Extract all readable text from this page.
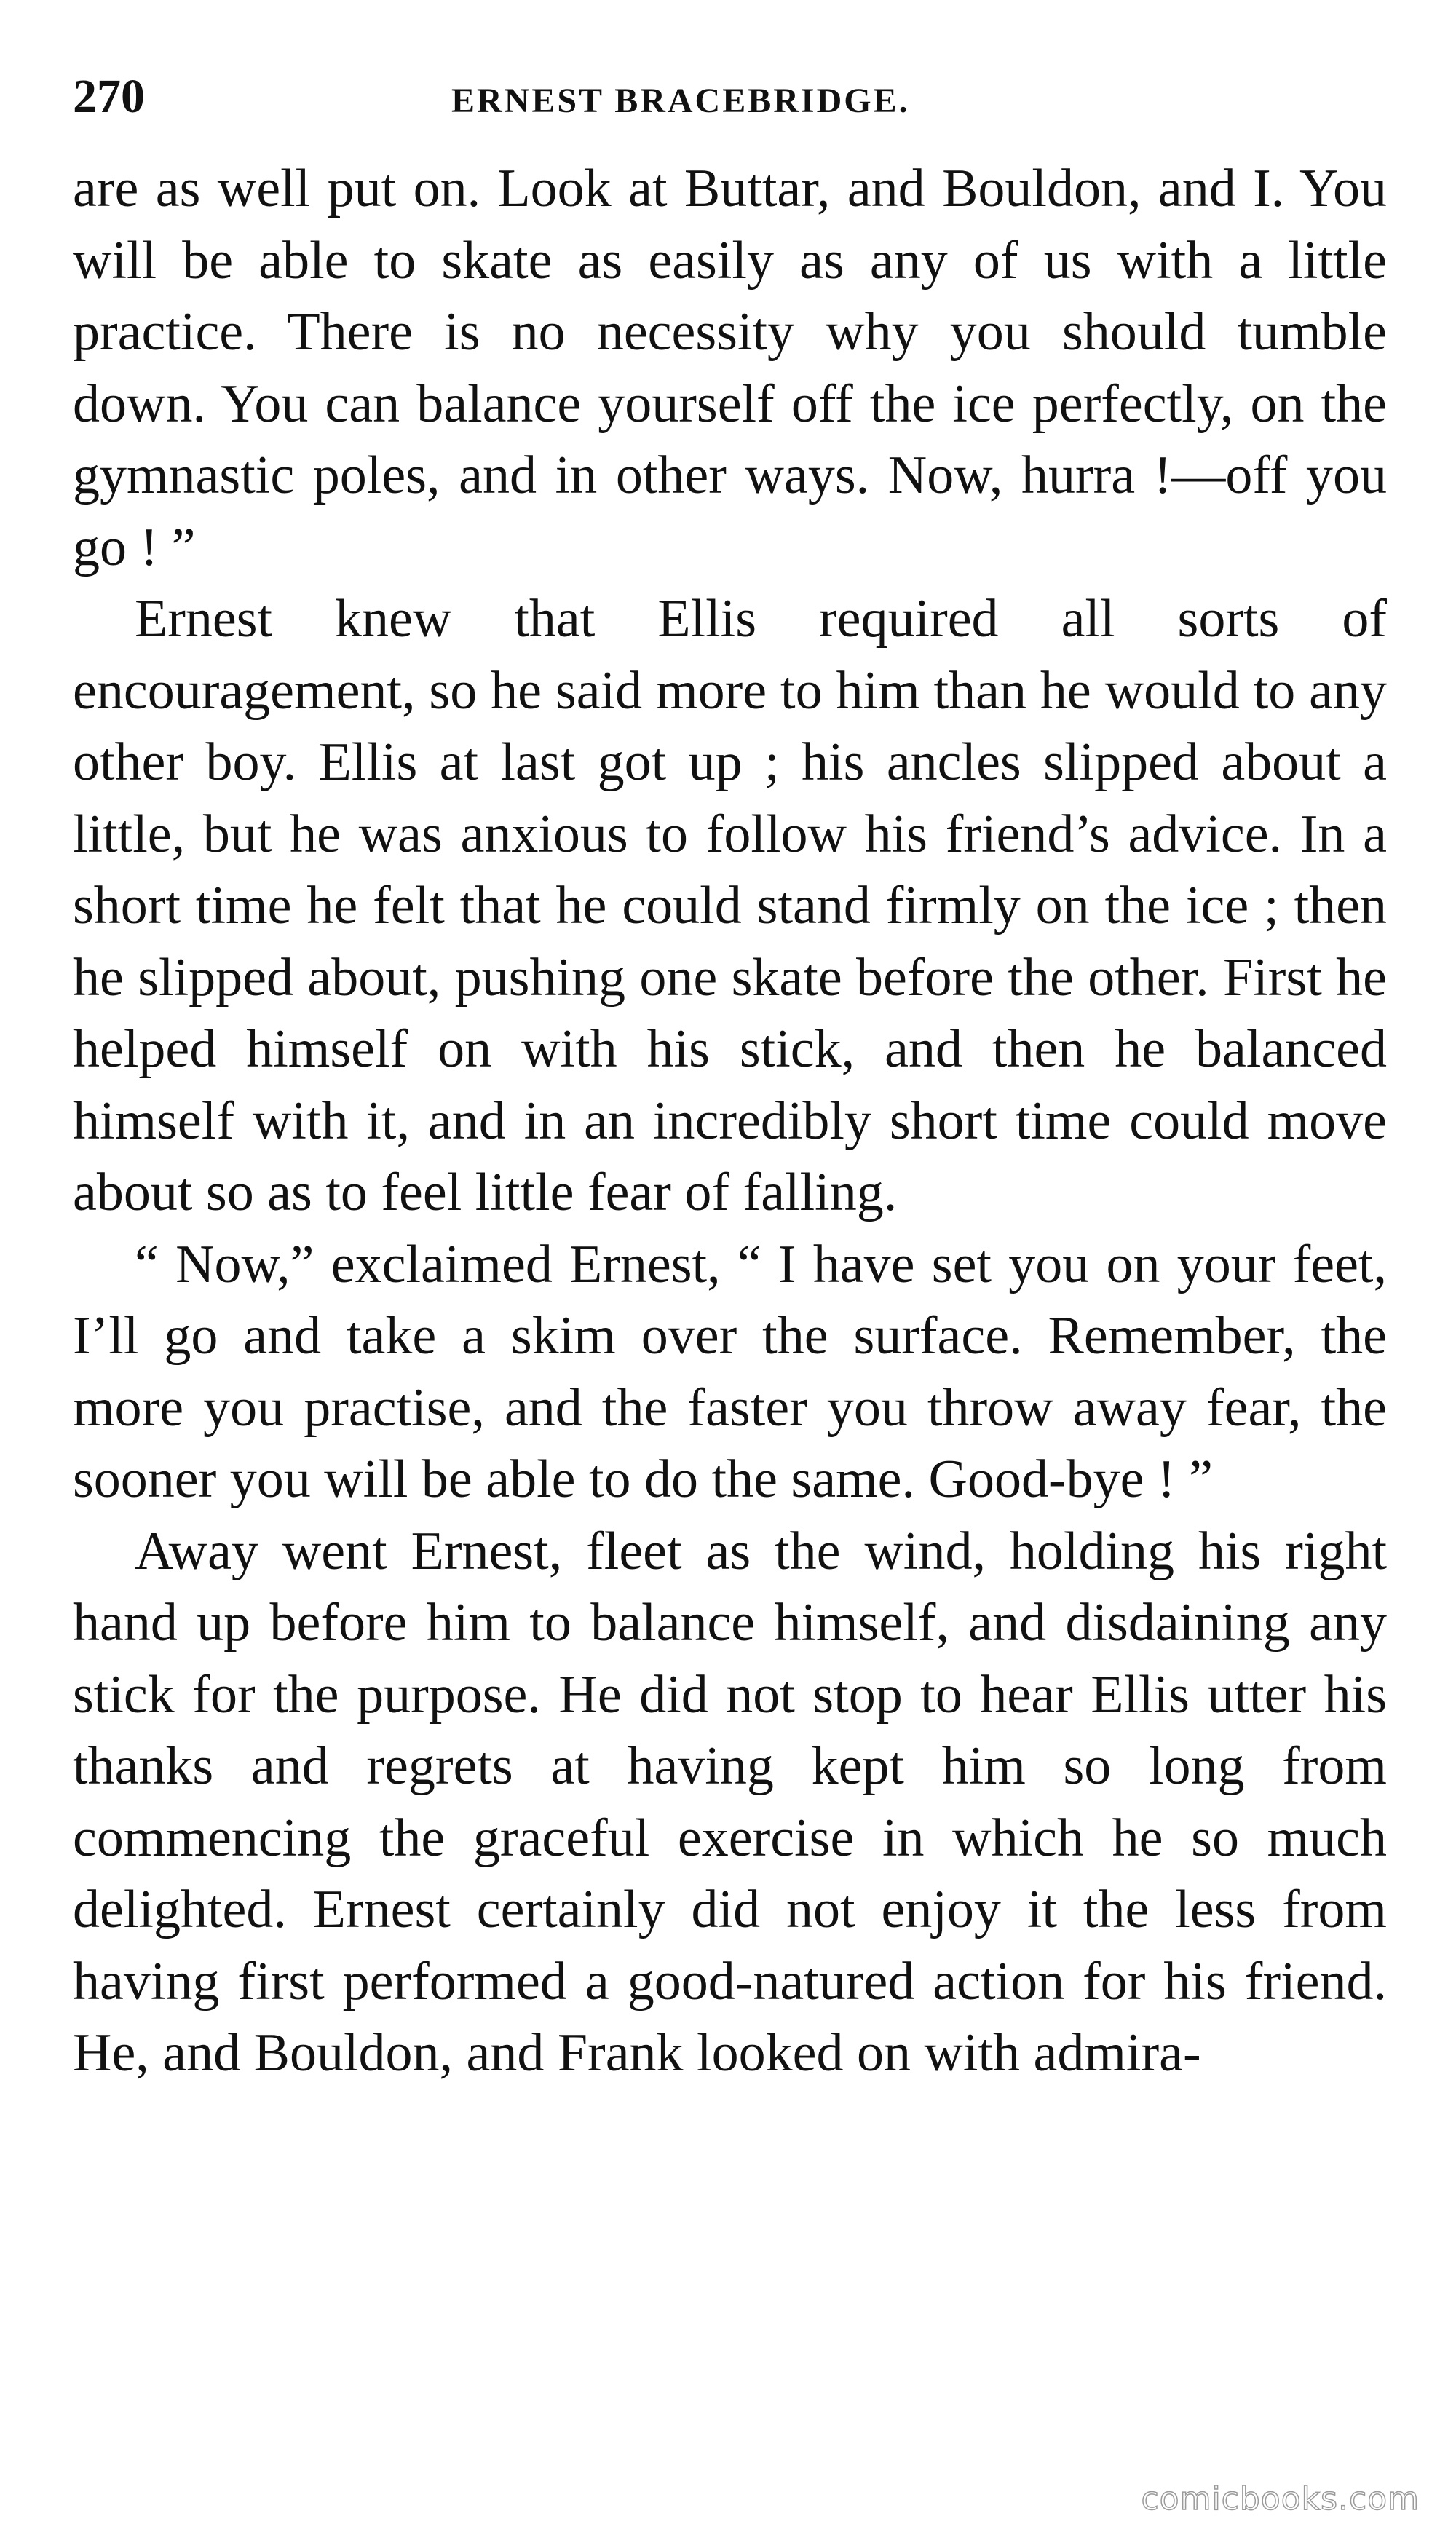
270	ERNEST BRACEBRIDGE.

are as well put on. Look at Buttar, and Bouldon, and I. You will be able to skate as easily as any of us with a little practice. There is no necessity why you should tumble down. You can balance yourself off the ice perfectly, on the gymnastic poles, and in other ways. Now, hurra !—off you go ! ”

Ernest knew that Ellis required all sorts of encouragement, so he said more to him than he would to any other boy. Ellis at last got up ; his ancles slipped about a little, but he was anxious to follow his friend’s advice. In a short time he felt that he could stand firmly on the ice ; then he slipped about, pushing one skate before the other. First he helped himself on with his stick, and then he balanced himself with it, and in an incredibly short time could move about so as to feel little fear of falling.

“ Now,” exclaimed Ernest, “ I have set you on your feet, I’ll go and take a skim over the surface. Remember, the more you practise, and the faster you throw away fear, the sooner you will be able to do the same. Good-bye ! ”

Away went Ernest, fleet as the wind, holding his right hand up before him to balance himself, and disdaining any stick for the purpose. He did not stop to hear Ellis utter his thanks and regrets at having kept him so long from commencing the graceful exercise in which he so much delighted. Ernest certainly did not enjoy it the less from having first performed a good-natured action for his friend. He, and Bouldon, and Frank looked on with admira-

comicbooks.com
